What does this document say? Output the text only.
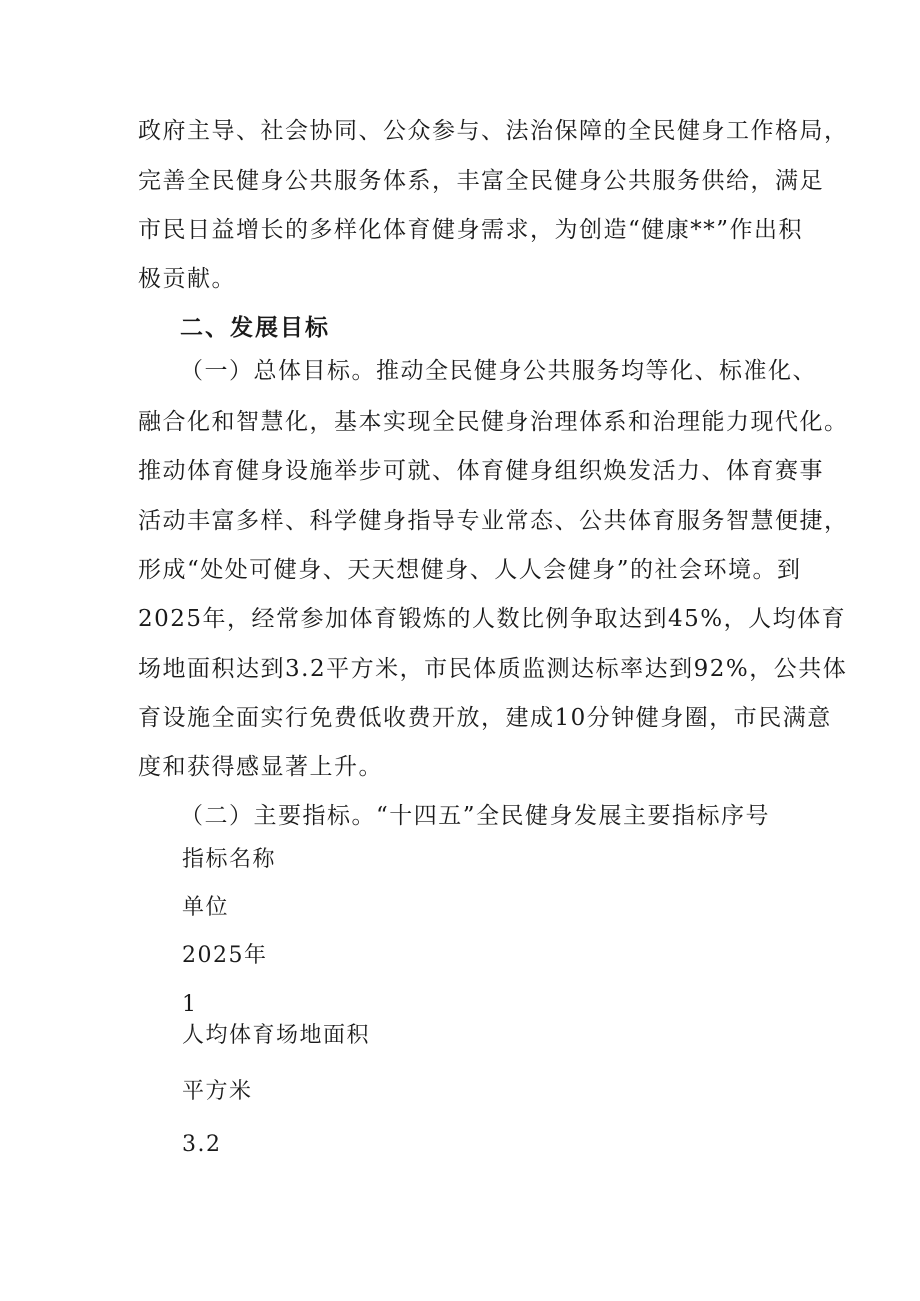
政府主导、社会协同、公众参与、法治保障的全民健身工作格局，
完善全民健身公共服务体系，丰富全民健身公共服务供给，满足
市民日益增长的多样化体育健身需求，为创造“健康**”作出积
极贡献。
二、发展目标
（一）总体目标。推动全民健身公共服务均等化、标准化、
融合化和智慧化，基本实现全民健身治理体系和治理能力现代化。
推动体育健身设施举步可就、体育健身组织焕发活力、体育赛事
活动丰富多样、科学健身指导专业常态、公共体育服务智慧便捷，
形成“处处可健身、天天想健身、人人会健身”的社会环境。到
2025年，经常参加体育锻炼的人数比例争取达到45%，人均体育
场地面积达到3.2平方米，市民体质监测达标率达到92%，公共体
育设施全面实行免费低收费开放，建成10分钟健身圈，市民满意
度和获得感显著上升。
（二）主要指标。“十四五”全民健身发展主要指标序号
指标名称
单位
2025年
1
人均体育场地面积
平方米
3.2
